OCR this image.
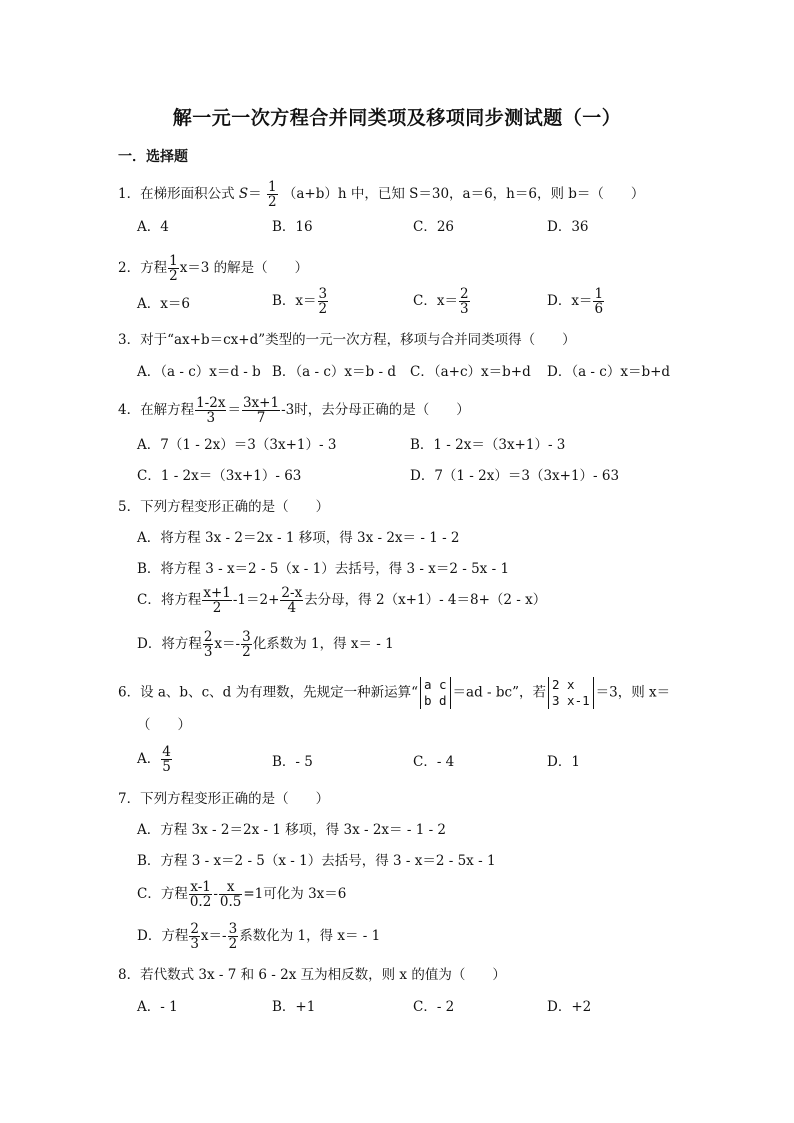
解一元一次方程合并同类项及移项同步测试题（一）
一．选择题
1．在梯形面积公式 $S= \frac{1}{2} (a+b)h$ 中，已知 S＝30，a＝6，h＝6，则 b＝（　　）
A．4	B．16	C．26	D．36
2．方程 $\frac{1}{2} x=3$ 的解是（　　）
A．x＝6	B．$x= \frac{3}{2}$	C．$x= \frac{2}{3}$	D．$x= \frac{1}{6}$
3．对于“ax+b＝cx+d”类型的一元一次方程，移项与合并同类项得（　　）
A．（a - c）x＝d - b B．（a - c）x＝b - d C．（a+c）x＝b+d D．（a - c）x＝b+d
4．在解方程 $\frac{1-2x}{3} = \frac{3x+1}{7} -3$时，去分母正确的是（　　）
A．7（1 - 2x）＝3（3x+1）- 3	B．1 - 2x＝（3x+1）- 3
C．1 - 2x＝（3x+1）- 63	D．7（1 - 2x）＝3（3x+1）- 63
5．下列方程变形正确的是（　　）
A．将方程 3x - 2＝2x - 1 移项，得 3x - 2x＝ - 1 - 2
B．将方程 3 - x＝2 - 5（x - 1）去括号，得 3 - x＝2 - 5x - 1
C．将方程 $\frac{x+1}{2} -1=2+ \frac{2-x}{4}$ 去分母，得 2（x+1）- 4＝8+（2 - x）
D．将方程 $\frac{2}{3} x=- \frac{3}{2}$ 化系数为 1，得 x＝ - 1
6．设 a、b、c、d 为有理数，先规定一种新运算“ a c
b d ＝ad - bc”，若 2 x
3 x-1 ＝3，则 x＝
（　　）
A． $\frac{4}{5}$	B．- 5	C．- 4	D．1
7．下列方程变形正确的是（　　）
A．方程 3x - 2＝2x - 1 移项，得 3x - 2x＝ - 1 - 2
B．方程 3 - x＝2 - 5（x - 1）去括号，得 3 - x＝2 - 5x - 1
C．方程 $\frac{x-1}{0.2} - \frac{x}{0.5} =1$可化为 3x＝6
D．方程 $\frac{2}{3} x=- \frac{3}{2}$ 系数化为 1，得 x＝ - 1
8．若代数式 3x - 7 和 6 - 2x 互为相反数，则 x 的值为（　　）
A．- 1	B．+1	C．- 2	D．+2
